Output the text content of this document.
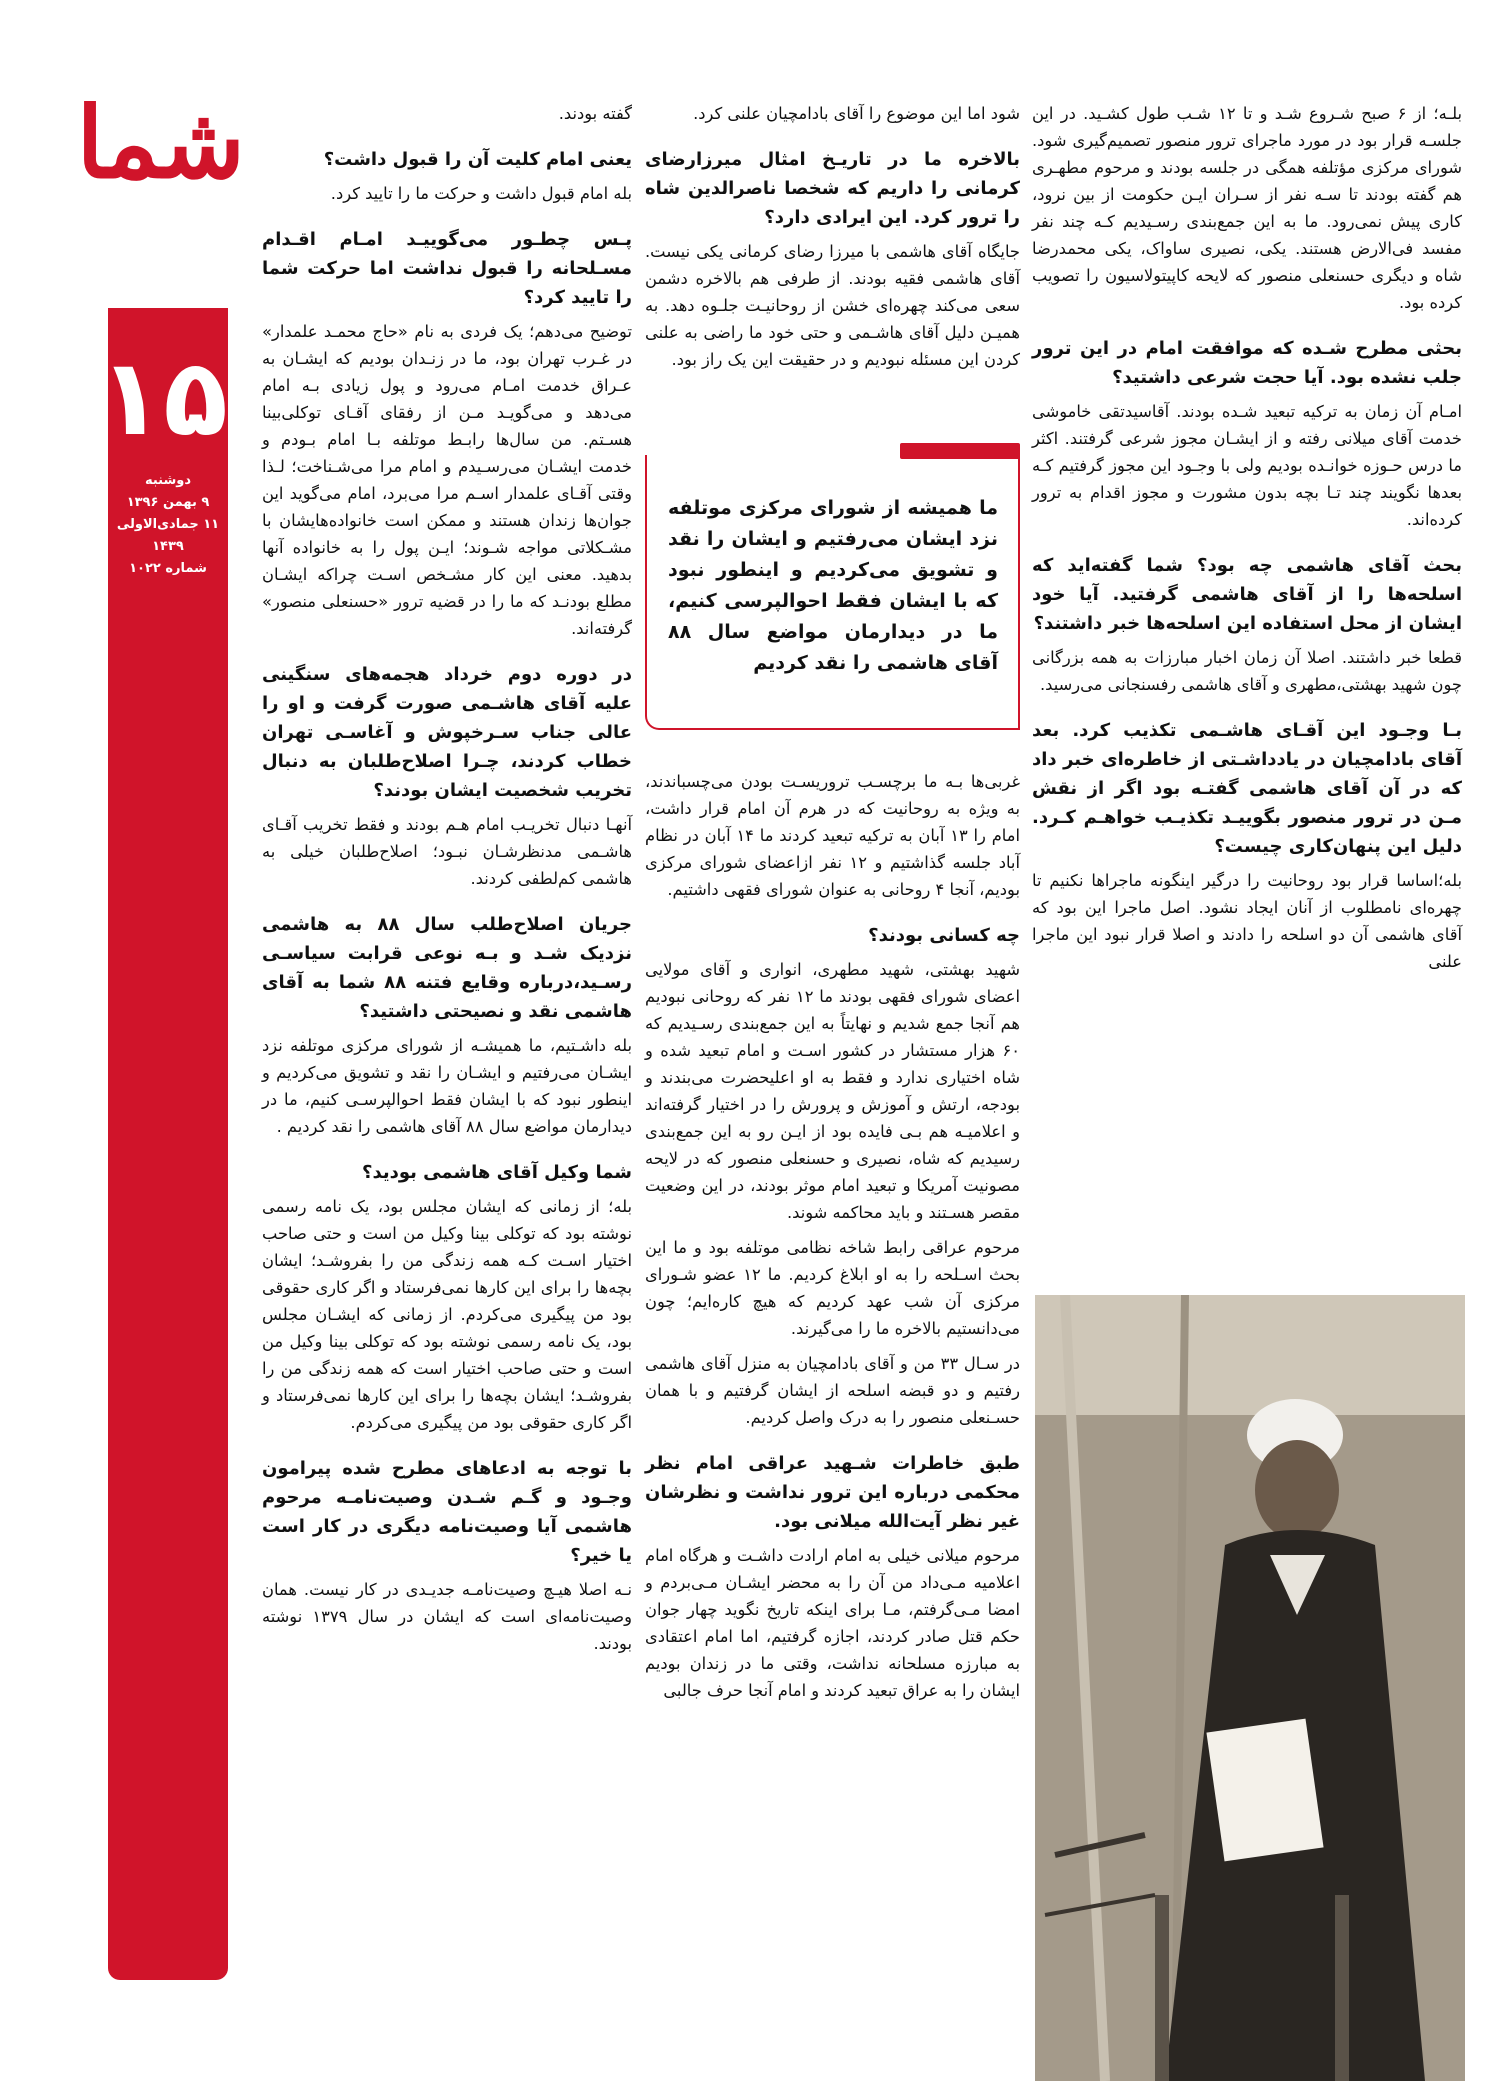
شما
۱۵
دوشنبه
۹ بهمن ۱۳۹۶
۱۱ جمادی‌الاولی ۱۴۳۹
شماره ۱۰۲۲
بلـه؛ از ۶ صبح شـروع شـد و تا ۱۲ شـب طول کشـید. در این جلسـه قرار بود در مورد ماجرای ترور منصور تصمیم‌گیری شود. شورای مرکزی مؤتلفه همگی در جلسه بودند و مرحوم مطهـری هم گفته بودند تا سـه نفر از سـران ایـن حکومت از بین نرود، کاری پیش نمی‌رود. ما به این جمع‌بندی رسـیدیم کـه چند نفر مفسد فی‌الارض هستند. یکی، نصیری ساواک، یکی محمدرضا شاه و دیگری حسنعلی منصور که لایحه کاپیتولاسیون را تصویب کرده بود.
بحثی مطرح شـده که موافقت امام در این ترور جلب نشده بود. آیا حجت شرعی داشتید؟
امـام آن زمان به ترکیه تبعید شـده بودند. آقاسیدتقی خاموشی خدمت آقای میلانی رفته و از ایشـان مجوز شرعی گرفتند. اکثر ما درس حـوزه خوانـده بودیم ولی با وجـود این مجوز گرفتیم کـه بعدها نگویند چند تـا بچه بدون مشورت و مجوز اقدام به ترور کرده‌اند.
بحث آقای هاشمی چه بود؟ شما گفته‌اید که اسلحه‌ها را از آقای هاشمی گرفتید. آیا خود ایشان از محل استفاده این اسلحه‌ها خبر داشتند؟
قطعا خبر داشتند. اصلا آن زمان اخبار مبارزات به همه بزرگانی چون شهید بهشتی،مطهری و آقای هاشمی رفسنجانی می‌رسید.
بـا وجـود این آقـای هاشـمی تکذیب کرد. بعد آقای بادامچیان در یادداشـتی از خاطره‌ای خبر داد که در آن آقای هاشمی گفتـه بود اگر از نقش مـن در ترور منصور بگوییـد تکذیـب خواهـم کـرد. دلیل این پنهان‌کاری چیست؟
بله؛اساسا قرار بود روحانیت را درگیر اینگونه ماجراها نکنیم تا چهره‌ای نامطلوب از آنان ایجاد نشود. اصل ماجرا این بود که آقای هاشمی آن دو اسلحه را دادند و اصلا قرار نبود این ماجرا علنی
شود اما این موضوع را آقای بادامچیان علنی کرد.
بالاخره ما در تاریـخ امثال میرزارضای کرمانی را داریم که شخصا ناصرالدین شاه را ترور کرد. این ایرادی دارد؟
جایگاه آقای هاشمی با میرزا رضای کرمانی یکی نیست. آقای هاشمی فقیه بودند. از طرفی هم بالاخره دشمن سعی می‌کند چهره‌ای خشن از روحانیـت جلـوه دهد. به همیـن دلیل آقای هاشـمی و حتی خود ما راضی به علنی کردن این مسئله نبودیم و در حقیقت این یک راز بود.
ما همیشه از شورای مرکزی موتلفه نزد ایشان می‌رفتیم و ایشان را نقد و تشویق می‌کردیم و اینطور نبود که با ایشان فقط احوالپرسی کنیم، ما در دیدارمان مواضع سال ۸۸ آقای هاشمی را نقد کردیم
غربی‌ها بـه ما برچسـب تروریسـت بودن می‌چسباندند، به ویژه به روحانیت که در هرم آن امام قرار داشت، امام را ۱۳ آبان به ترکیه تبعید کردند ما ۱۴ آبان در نظام آباد جلسه گذاشتیم و ۱۲ نفر ازاعضای شورای مرکزی بودیم، آنجا ۴ روحانی به عنوان شورای فقهی داشتیم.
چه کسانی بودند؟
شهید بهشتی، شهید مطهری، انواری و آقای مولایی اعضای شورای فقهی بودند ما ۱۲ نفر که روحانی نبودیم هم آنجا جمع شدیم و نهایتاً به این جمع‌بندی رسـیدیم که ۶۰ هزار مستشار در کشور اسـت و امام تبعید شده و شاه اختیاری ندارد و فقط به او اعلیحضرت می‌بندند و بودجه، ارتش و آموزش و پرورش را در اختیار گرفته‌اند و اعلامیـه هم بـی فایده بود از ایـن رو به این جمع‌بندی رسیدیم که شاه، نصیری و حسنعلی منصور که در لایحه مصونیت آمریکا و تبعید امام موثر بودند، در این وضعیت مقصر هسـتند و باید محاکمه شوند.
مرحوم عراقی رابط شاخه نظامی موتلفه بود و ما این بحث اسـلحه را به او ابلاغ کردیم. ما ۱۲ عضو شـورای مرکزی آن شب عهد کردیم که هیچ کاره‌ایم؛ چون می‌دانستیم بالاخره ما را می‌گیرند.
در سـال ۳۳ من و آقای بادامچیان به منزل آقای هاشمی رفتیم و دو قبضه اسلحه از ایشان گرفتیم و با همان حسـنعلی منصور را به درک واصل کردیم.
طبق خاطرات شـهید عراقی امام نظر محکمی درباره این ترور نداشت و نظرشان غیر نظر آیت‌الله میلانی بود.
مرحوم میلانی خیلی به امام ارادت داشـت و هرگاه امام اعلامیه مـی‌داد من آن را به محضر ایشـان مـی‌بردم و امضا مـی‌گرفتم، مـا برای اینکه تاریخ نگوید چهار جوان حکم قتل صادر کردند، اجازه گرفتیم، اما امام اعتقادی به مبارزه مسلحانه نداشت، وقتی ما در زندان بودیم ایشان را به عراق تبعید کردند و امام آنجا حرف جالبی
گفته بودند.
یعنی امام کلیت آن را قبول داشت؟
بله امام قبول داشت و حرکت ما را تایید کرد.
پـس چطـور می‌گوییـد امـام اقـدام مسـلحانه را قبول نداشت اما حرکت شما را تایید کرد؟
توضیح می‌دهم؛ یک فردی به نام «حاج محمـد علمدار» در غـرب تهران بود، ما در زنـدان بودیم که ایشـان به عـراق خدمت امـام می‌رود و پول زیادی بـه امام می‌دهد و می‌گویـد مـن از رفقای آقـای توکلی‌بینا هسـتم. من سال‌ها رابـط موتلفه بـا امام بـودم و خدمت ایشـان می‌رسـیدم و امام مرا می‌شـناخت؛ لـذا وقتی آقـای علمدار اسـم مرا می‌برد، امام می‌گوید این جوان‌ها زندان هستند و ممکن است خانواده‌هایشان با مشـکلاتی مواجه شـوند؛ ایـن پول را به خانواده آنها بدهید. معنی این کار مشـخص اسـت چراکه ایشـان مطلع بودنـد که ما را در قضیه ترور «حسنعلی منصور» گرفته‌اند.
در دوره دوم خرداد هجمه‌های سنگینی علیه آقای هاشـمی صورت گرفت و او را عالی جناب سـرخپوش و آغاسـی تهران خطاب کردند، چـرا اصلاح‌طلبان به دنبال تخریب شخصیت ایشان بودند؟
آنهـا دنبال تخریـب امام هـم بودند و فقط تخریب آقـای هاشـمی مدنظرشـان نبـود؛ اصلاح‌طلبان خیلی به هاشمی کم‌لطفی کردند.
جریان اصلاح‌طلب سال ۸۸ به هاشمی نزدیک شـد و بـه نوعی قرابت سیاسـی رسـید،درباره وقایع فتنه ۸۸ شما به آقای هاشمی نقد و نصیحتی داشتید؟
بله داشـتیم، ما همیشـه از شورای مرکزی موتلفه نزد ایشـان می‌رفتیم و ایشـان را نقد و تشویق می‌کردیم و اینطور نبود که با ایشان فقط احوالپرسـی کنیم، ما در دیدارمان مواضع سال ۸۸ آقای هاشمی را نقد کردیم .
شما وکیل آقای هاشمی بودید؟
بله؛ از زمانی که ایشان مجلس بود، یک نامه رسمی نوشته بود که توکلی بینا وکیل من است و حتی صاحب اختیار اسـت کـه همه زندگی من را بفروشـد؛ ایشان بچه‌ها را برای این کارها نمی‌فرستاد و اگر کاری حقوقی بود من پیگیری می‌کردم. از زمانی که ایشـان مجلس بود، یک نامه رسمی نوشته بود که توکلی بینا وکیل من است و حتی صاحب اختیار است که همه زندگی من را بفروشـد؛ ایشان بچه‌ها را برای این کارها نمی‌فرستاد و اگر کاری حقوقی بود من پیگیری می‌کردم.
با توجه به ادعاهای مطرح شده پیرامون وجـود و گـم شـدن وصیت‌نامـه مرحوم هاشمی آیا وصیت‌نامه دیگری در کار است یا خیر؟
نـه اصلا هیـچ وصیت‌نامـه جدیـدی در کار نیست. همان وصیت‌نامه‌ای است که ایشان در سال ۱۳۷۹ نوشته بودند.
